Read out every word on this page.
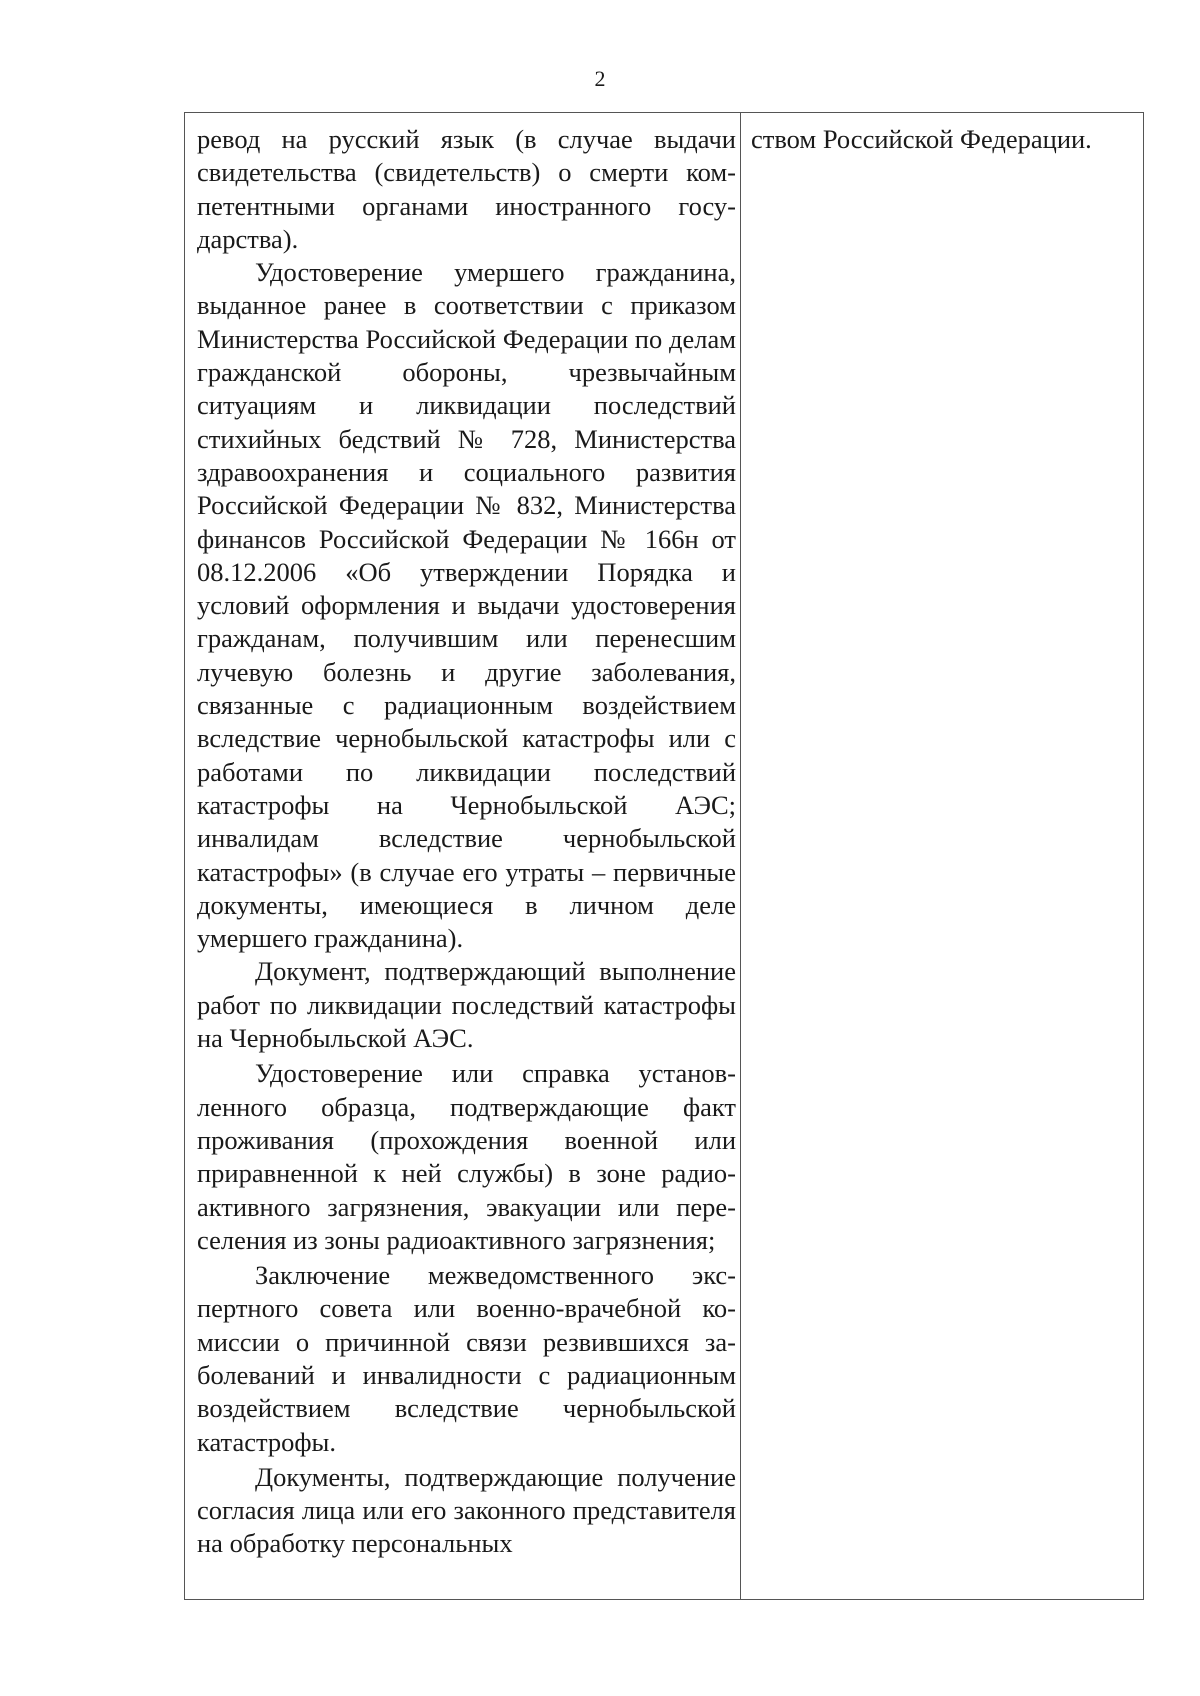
2

ревод на русский язык (в случае выдачи свидетельства (свидетельств) о смерти компетентными органами иностранного государства).

Удостоверение умершего гражданина, выданное ранее в соответствии с приказом Министерства Российской Федерации по делам гражданской обороны, чрезвычайным ситуациям и ликвидации последствий стихийных бедствий № 728, Министерства здравоохранения и социального развития Российской Федерации № 832, Министерства финансов Российской Федерации № 166н от 08.12.2006 «Об утверждении Порядка и условий оформления и выдачи удостоверения гражданам, получившим или перенесшим лучевую болезнь и другие заболевания, связанные с радиационным воздействием вследствие чернобыльской катастрофы или с работами по ликвидации последствий катастрофы на Чернобыльской АЭС; инвалидам вследствие чернобыльской катастрофы» (в случае его утраты – первичные документы, имеющиеся в личном деле умершего гражданина).

Документ, подтверждающий выполнение работ по ликвидации последствий катастрофы на Чернобыльской АЭС.

Удостоверение или справка установленного образца, подтверждающие факт проживания (прохождения военной или приравненной к ней службы) в зоне радиоактивного загрязнения, эвакуации или переселения из зоны радиоактивного загрязнения;

Заключение межведомственного экспертного совета или военно-врачебной комиссии о причинной связи резвившихся заболеваний и инвалидности с радиационным воздействием вследствие чернобыльской катастрофы.

Документы, подтверждающие получение согласия лица или его законного представителя на обработку персональных

ством Российской Федерации.
